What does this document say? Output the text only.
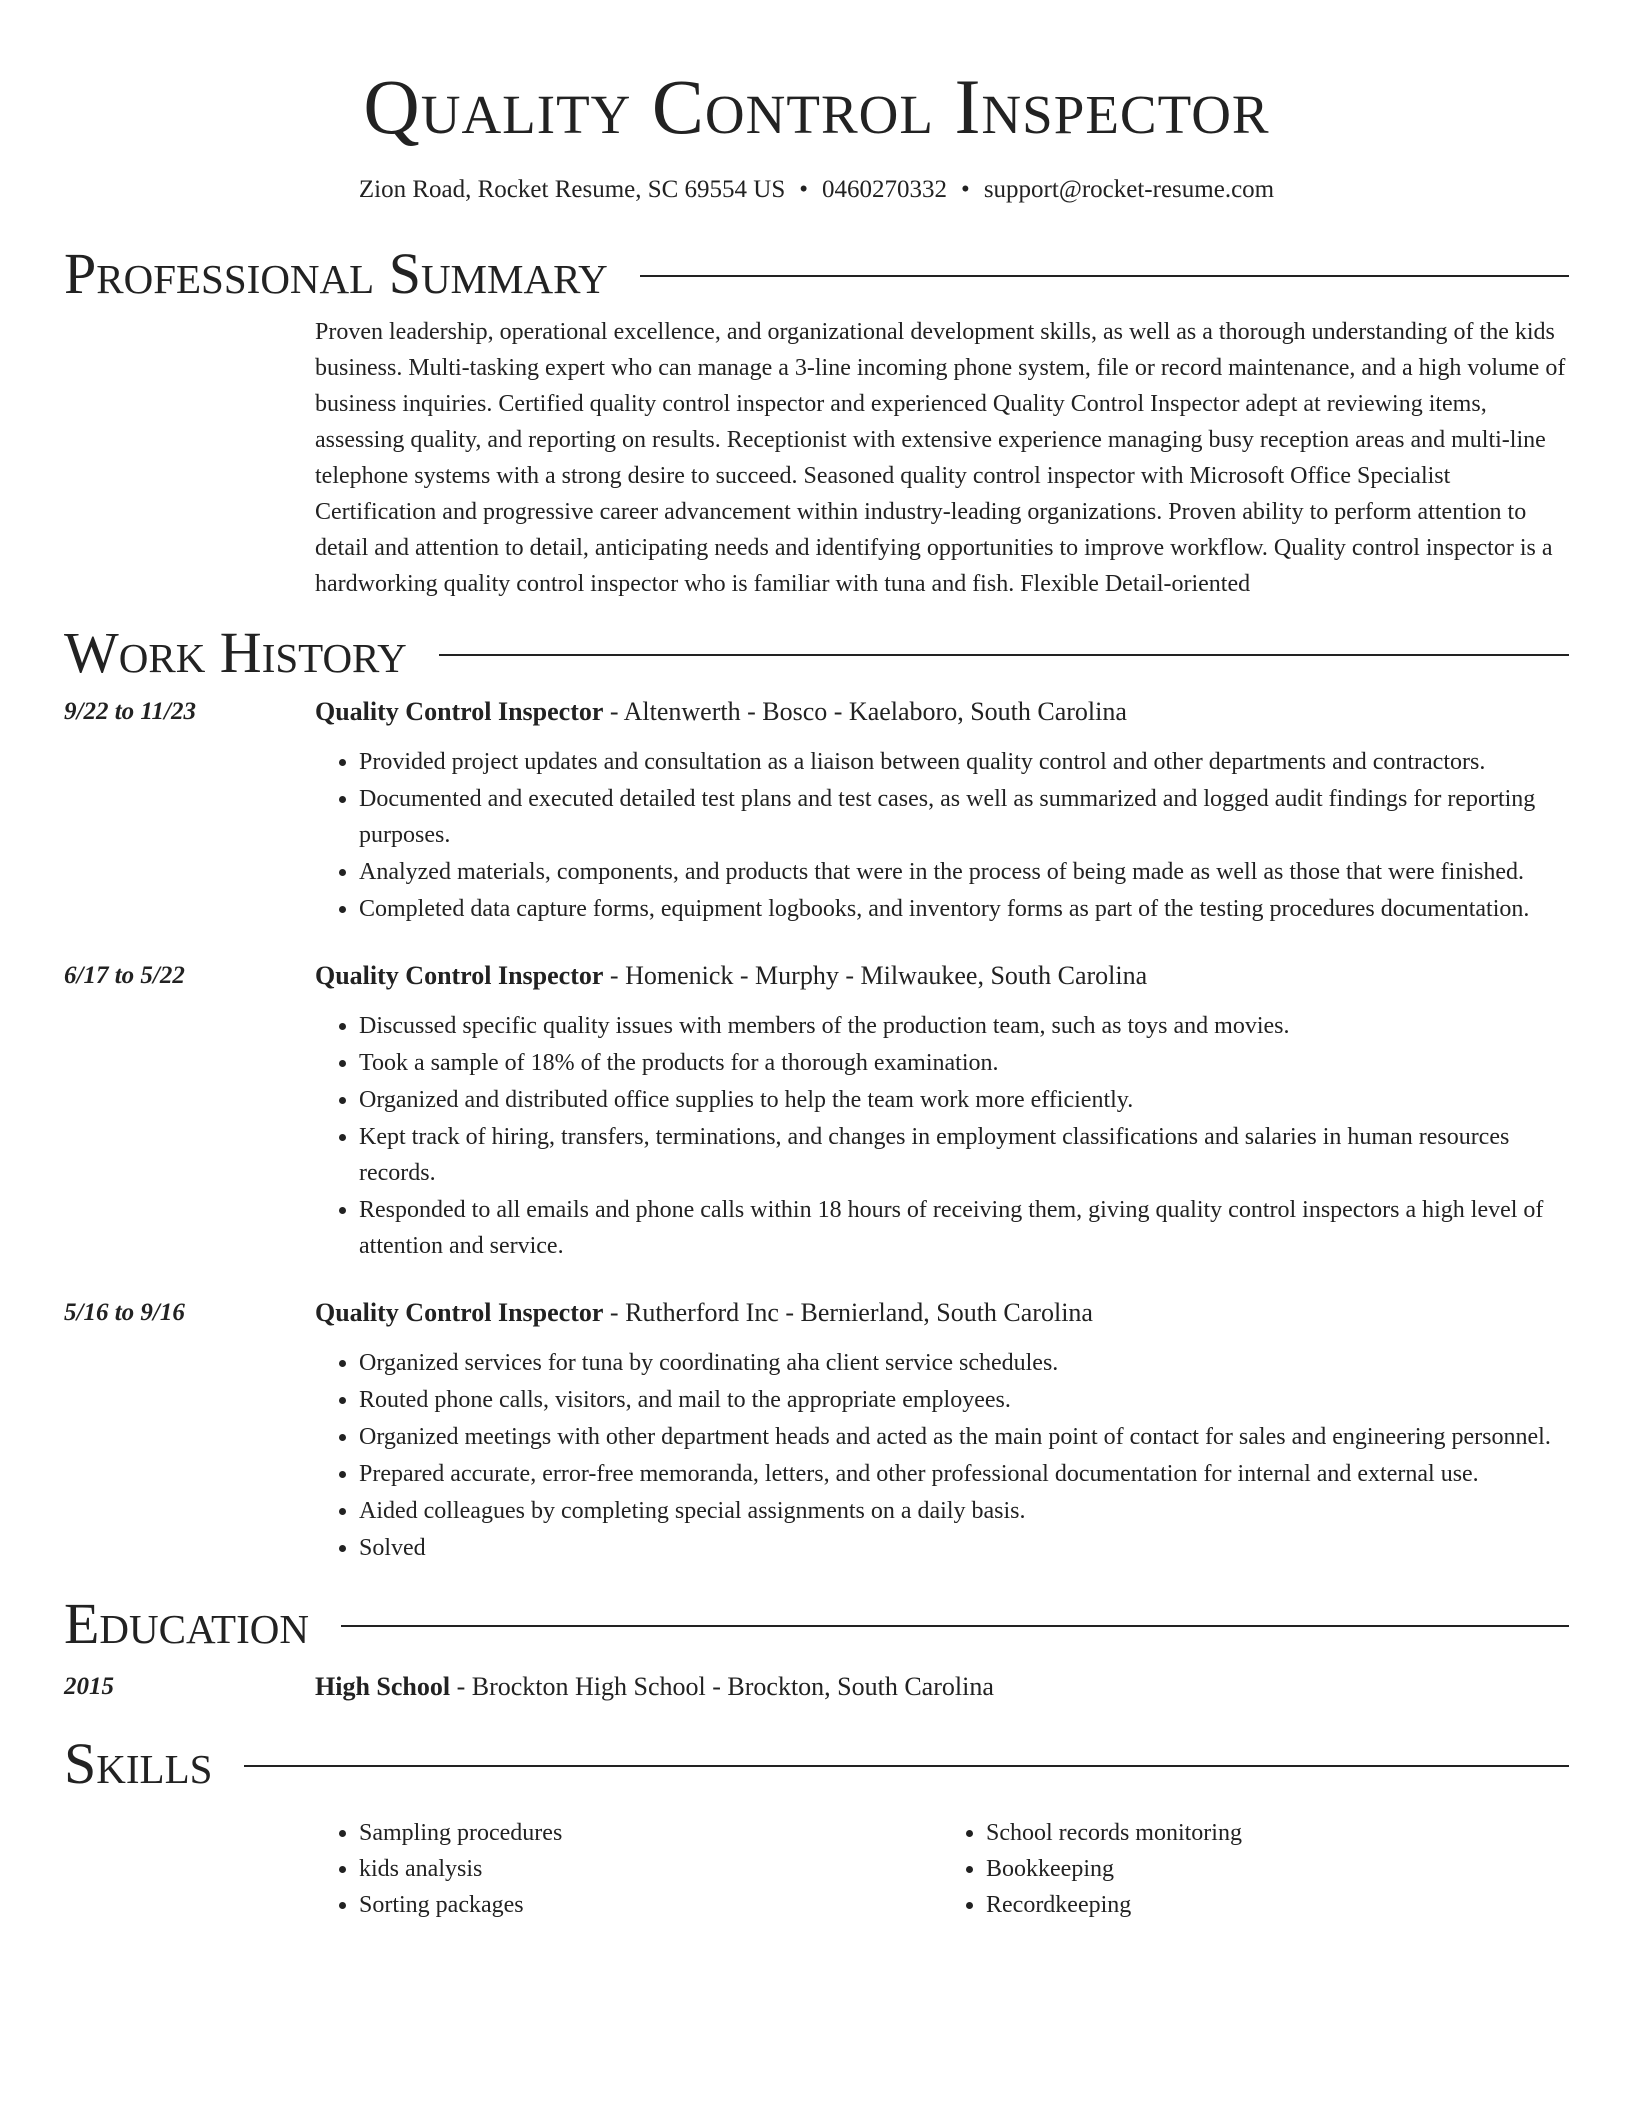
Quality Control Inspector
Zion Road, Rocket Resume, SC 69554 US • 0460270332 • support@rocket-resume.com
Professional Summary
Proven leadership, operational excellence, and organizational development skills, as well as a thorough understanding of the kids business. Multi-tasking expert who can manage a 3-line incoming phone system, file or record maintenance, and a high volume of business inquiries. Certified quality control inspector and experienced Quality Control Inspector adept at reviewing items, assessing quality, and reporting on results. Receptionist with extensive experience managing busy reception areas and multi-line telephone systems with a strong desire to succeed. Seasoned quality control inspector with Microsoft Office Specialist Certification and progressive career advancement within industry-leading organizations. Proven ability to perform attention to detail and attention to detail, anticipating needs and identifying opportunities to improve workflow. Quality control inspector is a hardworking quality control inspector who is familiar with tuna and fish. Flexible Detail-oriented
Work History
9/22 to 11/23	Quality Control Inspector - Altenwerth - Bosco - Kaelaboro, South Carolina
• Provided project updates and consultation as a liaison between quality control and other departments and contractors.
• Documented and executed detailed test plans and test cases, as well as summarized and logged audit findings for reporting purposes.
• Analyzed materials, components, and products that were in the process of being made as well as those that were finished.
• Completed data capture forms, equipment logbooks, and inventory forms as part of the testing procedures documentation.
6/17 to 5/22	Quality Control Inspector - Homenick - Murphy - Milwaukee, South Carolina
• Discussed specific quality issues with members of the production team, such as toys and movies.
• Took a sample of 18% of the products for a thorough examination.
• Organized and distributed office supplies to help the team work more efficiently.
• Kept track of hiring, transfers, terminations, and changes in employment classifications and salaries in human resources records.
• Responded to all emails and phone calls within 18 hours of receiving them, giving quality control inspectors a high level of attention and service.
5/16 to 9/16	Quality Control Inspector - Rutherford Inc - Bernierland, South Carolina
• Organized services for tuna by coordinating aha client service schedules.
• Routed phone calls, visitors, and mail to the appropriate employees.
• Organized meetings with other department heads and acted as the main point of contact for sales and engineering personnel.
• Prepared accurate, error-free memoranda, letters, and other professional documentation for internal and external use.
• Aided colleagues by completing special assignments on a daily basis.
• Solved
Education
2015	High School - Brockton High School - Brockton, South Carolina
Skills
• Sampling procedures
• kids analysis
• Sorting packages
• School records monitoring
• Bookkeeping
• Recordkeeping
